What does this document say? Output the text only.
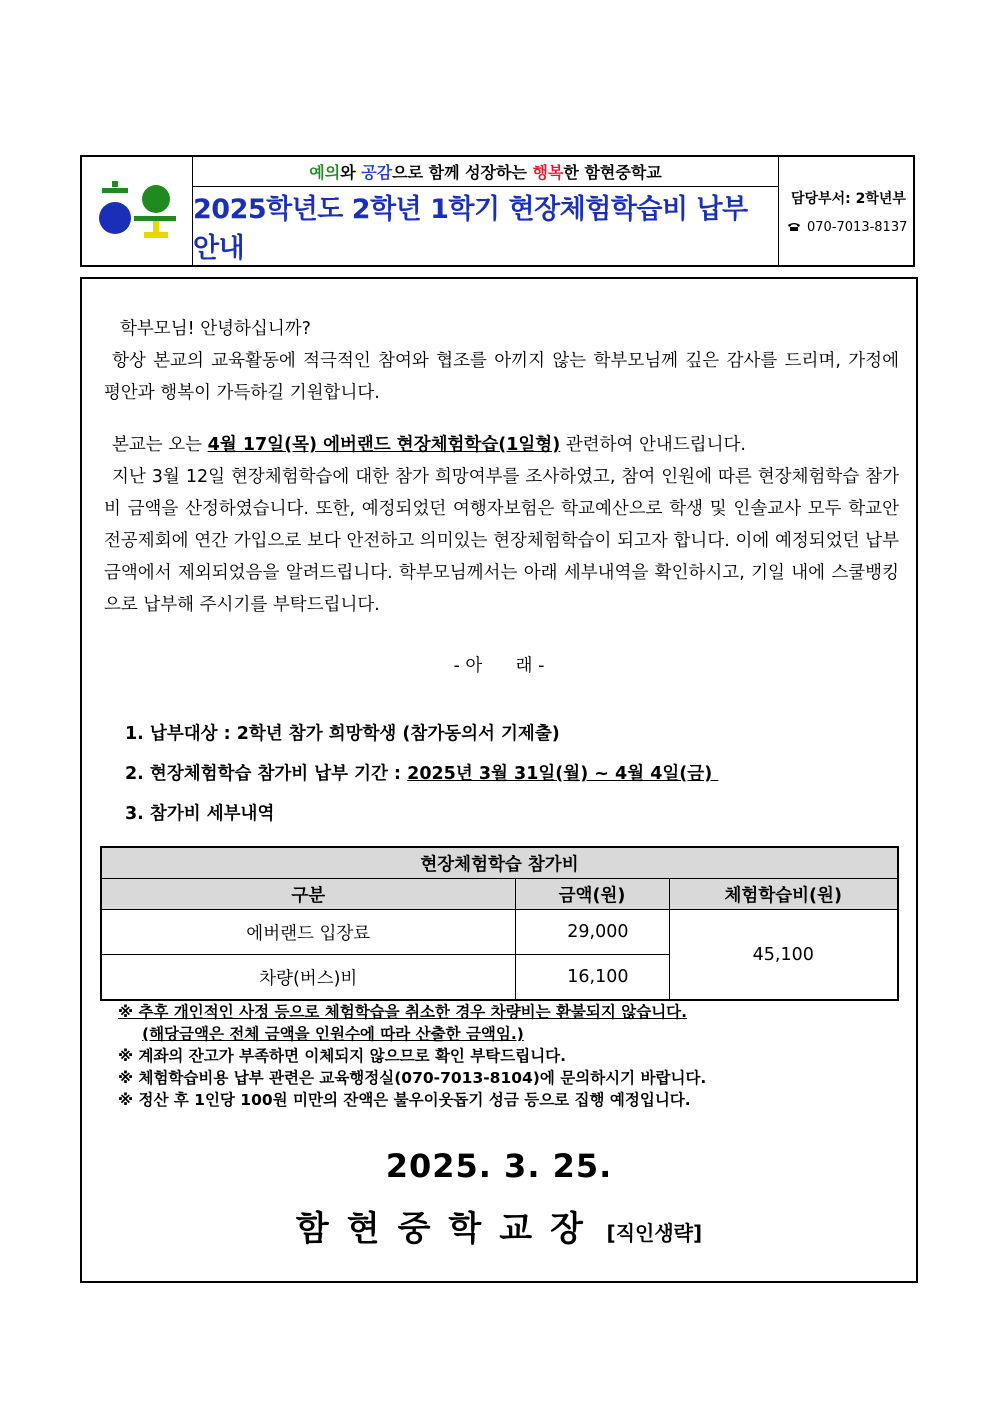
예의 와 공감 으로 함께 성장하는 행복 한 함현중학교
2025학년도 2학년 1학기 현장체험학습비 납부 안내
담당부서: 2학년부
070-7013-8137
학부모님! 안녕하십니까?
항상 본교의 교육활동에 적극적인 참여와 협조를 아끼지 않는 학부모님께 깊은 감사를 드리며, 가정에 평안과 행복이 가득하길 기원합니다.
본교는 오는 4월 17일(목) 에버랜드 현장체험학습(1일형) 관련하여 안내드립니다.
지난 3월 12일 현장체험학습에 대한 참가 희망여부를 조사하였고, 참여 인원에 따른 현장체험학습 참가비 금액을 산정하였습니다. 또한, 예정되었던 여행자보험은 학교예산으로 학생 및 인솔교사 모두 학교안전공제회에 연간 가입으로 보다 안전하고 의미있는 현장체험학습이 되고자 합니다. 이에 예정되었던 납부 금액에서 제외되었음을 알려드립니다. 학부모님께서는 아래 세부내역을 확인하시고, 기일 내에 스쿨뱅킹으로 납부해 주시기를 부탁드립니다.
- 아      래 -
1. 납부대상 : 2학년 참가 희망학생 (참가동의서 기제출)
2. 현장체험학습 참가비 납부 기간 : 2025년 3월 31일(월) ~ 4월 4일(금)
3. 참가비 세부내역
현장체험학습 참가비		
구분	금액(원)	체험학습비(원)
에버랜드 입장료	29,000	45,100
차량(버스)비	16,100	
※ 추후 개인적인 사정 등으로 체험학습을 취소한 경우 차량비는 환불되지 않습니다.
(해당금액은 전체 금액을 인원수에 따라 산출한 금액임.)
※ 계좌의 잔고가 부족하면 이체되지 않으므로 확인 부탁드립니다.
※ 체험학습비용 납부 관련은 교육행정실(070-7013-8104)에 문의하시기 바랍니다.
※ 정산 후 1인당 100원 미만의 잔액은 불우이웃돕기 성금 등으로 집행 예정입니다.
2025. 3. 25.
함현중학교장 [직인생략]
